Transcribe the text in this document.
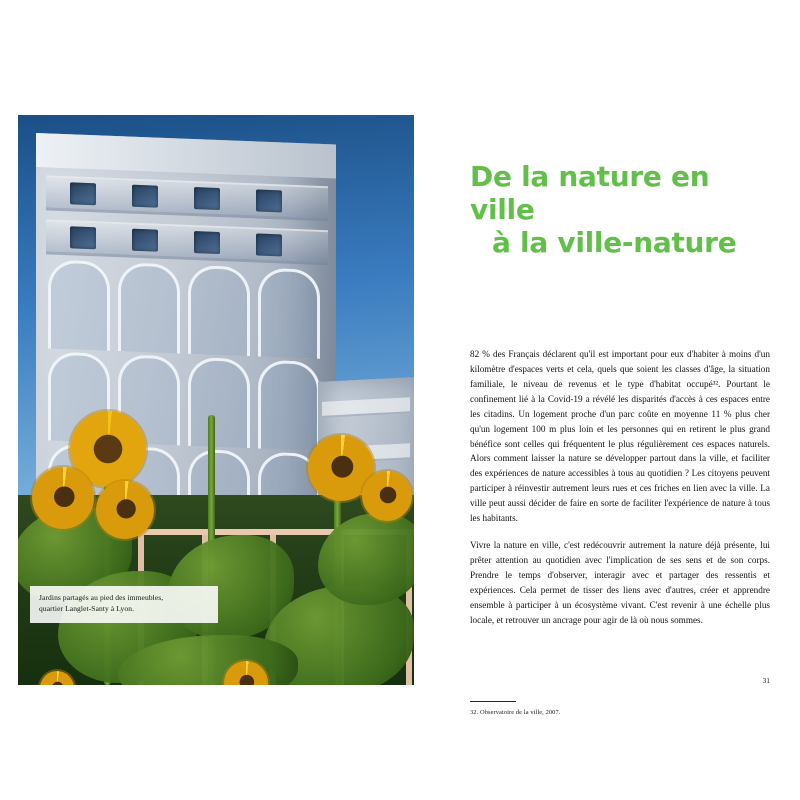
Jardins partagés au pied des immeubles,
quartier Langlet-Santy à Lyon.
De la nature en ville
à la ville-nature

82 % des Français déclarent qu'il est important pour eux d'habiter à moins d'un kilomètre d'espaces verts et cela, quels que soient les classes d'âge, la situation familiale, le niveau de revenus et le type d'habitat occupé³². Pourtant le confinement lié à la Covid-19 a révélé les disparités d'accès à ces espaces entre les citadins. Un logement proche d'un parc coûte en moyenne 11 % plus cher qu'un logement 100 m plus loin et les personnes qui en retirent le plus grand bénéfice sont celles qui fréquentent le plus régulièrement ces espaces naturels. Alors comment laisser la nature se développer partout dans la ville, et faciliter des expériences de nature accessibles à tous au quotidien ? Les citoyens peuvent participer à réinvestir autrement leurs rues et ces friches en lien avec la ville. La ville peut aussi décider de faire en sorte de faciliter l'expérience de nature à tous les habitants.

Vivre la nature en ville, c'est redécouvrir autrement la nature déjà présente, lui prêter attention au quotidien avec l'implication de ses sens et de son corps. Prendre le temps d'observer, interagir avec et partager des ressentis et expériences. Cela permet de tisser des liens avec d'autres, créer et apprendre ensemble à participer à un écosystème vivant. C'est revenir à une échelle plus locale, et retrouver un ancrage pour agir de là où nous sommes.

32. Observatoire de la ville, 2007.
31
